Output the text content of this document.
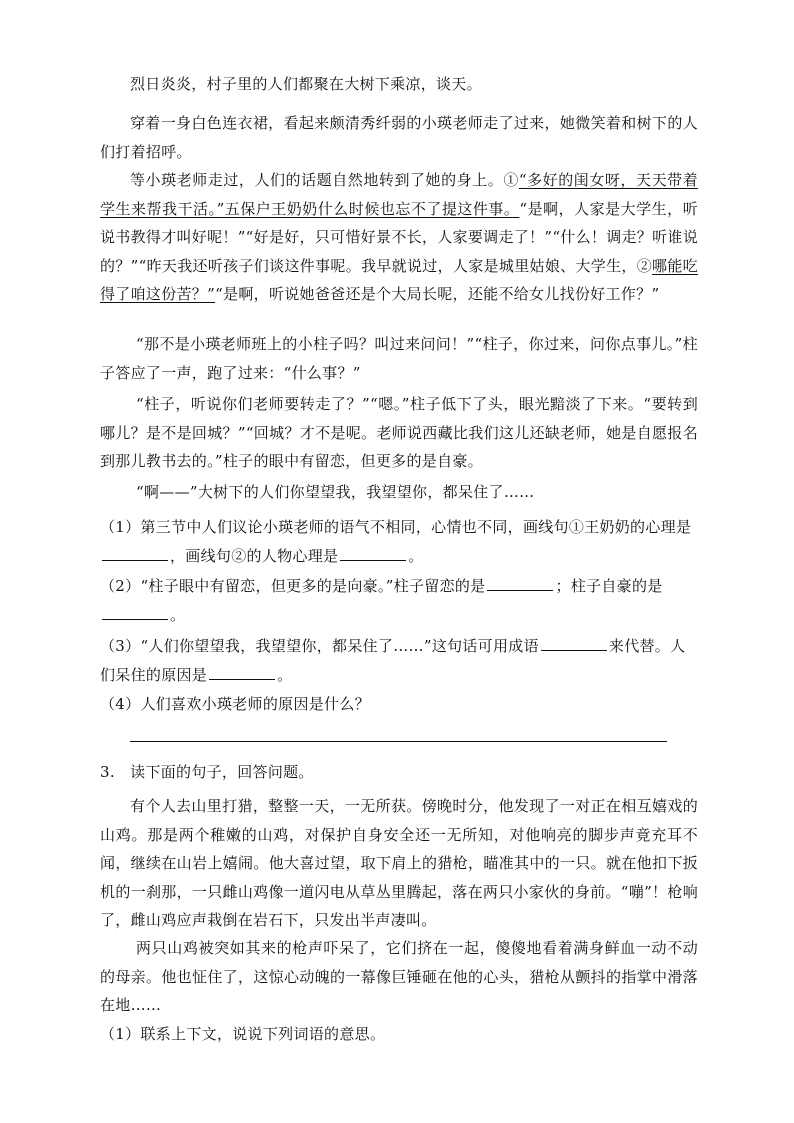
烈日炎炎，村子里的人们都聚在大树下乘凉，谈天。

穿着一身白色连衣裙，看起来颇清秀纤弱的小瑛老师走了过来，她微笑着和树下的人们打着招呼。

等小瑛老师走过，人们的话题自然地转到了她的身上。①“多好的闺女呀，天天带着学生来帮我干活。”五保户王奶奶什么时候也忘不了提这件事。“是啊，人家是大学生，听说书教得才叫好呢！”“好是好，只可惜好景不长，人家要调走了！”“什么！调走？听谁说的？”“昨天我还听孩子们谈这件事呢。我早就说过，人家是城里姑娘、大学生，②哪能吃得了咱这份苦？”“是啊，听说她爸爸还是个大局长呢，还能不给女儿找份好工作？”

“那不是小瑛老师班上的小柱子吗？叫过来问问！”“柱子，你过来，问你点事儿。”柱子答应了一声，跑了过来：“什么事？”

“柱子，听说你们老师要转走了？”“嗯。”柱子低下了头，眼光黯淡了下来。“要转到哪儿？是不是回城？”“回城？才不是呢。老师说西藏比我们这儿还缺老师，她是自愿报名到那儿教书去的。”柱子的眼中有留恋，但更多的是自豪。

“啊——”大树下的人们你望望我，我望望你，都呆住了……

（1）第三节中人们议论小瑛老师的语气不相同，心情也不同，画线句①王奶奶的心理是，画线句②的人物心理是	。

（2）“柱子眼中有留恋，但更多的是向豪。”柱子留恋的是	；柱子自豪的是。

（3）“人们你望望我，我望望你，都呆住了……”这句话可用成语	来代替。人们呆住的原因是	。

（4）人们喜欢小瑛老师的原因是什么？

3.   读下面的句子，回答问题。

有个人去山里打猎，整整一天，一无所获。傍晚时分，他发现了一对正在相互嬉戏的山鸡。那是两个稚嫩的山鸡，对保护自身安全还一无所知，对他响亮的脚步声竟充耳不闻，继续在山岩上嬉闹。他大喜过望，取下肩上的猎枪，瞄准其中的一只。就在他扣下扳机的一刹那，一只雌山鸡像一道闪电从草丛里腾起，落在两只小家伙的身前。“嘣”！枪响了，雌山鸡应声栽倒在岩石下，只发出半声凄叫。

两只山鸡被突如其来的枪声吓呆了，它们挤在一起，傻傻地看着满身鲜血一动不动的母亲。他也怔住了，这惊心动魄的一幕像巨锤砸在他的心头，猎枪从颤抖的指掌中滑落在地……

（1）联系上下文，说说下列词语的意思。
